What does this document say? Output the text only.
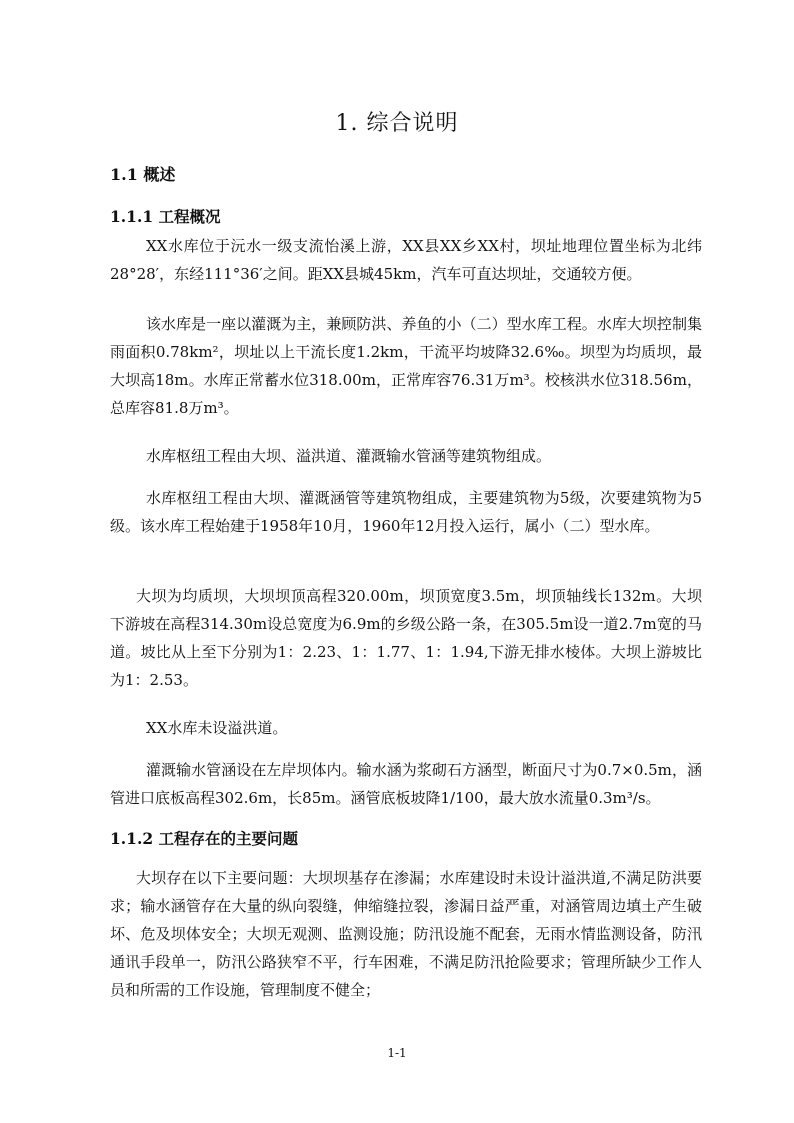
1. 综合说明
1.1 概述
1.1.1 工程概况
XX水库位于沅水一级支流怡溪上游，XX县XX乡XX村，坝址地理位置坐标为北纬28°28′，东经111°36′之间。距XX县城45km，汽车可直达坝址，交通较方便。
该水库是一座以灌溉为主，兼顾防洪、养鱼的小（二）型水库工程。水库大坝控制集雨面积0.78km²，坝址以上干流长度1.2km，干流平均坡降32.6‰。坝型为均质坝，最大坝高18m。水库正常蓄水位318.00m，正常库容76.31万m³。校核洪水位318.56m，总库容81.8万m³。
水库枢纽工程由大坝、溢洪道、灌溉输水管涵等建筑物组成。
水库枢纽工程由大坝、灌溉涵管等建筑物组成，主要建筑物为5级，次要建筑物为5级。该水库工程始建于1958年10月，1960年12月投入运行，属小（二）型水库。
大坝为均质坝，大坝坝顶高程320.00m，坝顶宽度3.5m，坝顶轴线长132m。大坝下游坡在高程314.30m设总宽度为6.9m的乡级公路一条，在305.5m设一道2.7m宽的马道。坡比从上至下分别为1：2.23、1：1.77、1：1.94,下游无排水棱体。大坝上游坡比为1：2.53。
XX水库未设溢洪道。
灌溉输水管涵设在左岸坝体内。输水涵为浆砌石方涵型，断面尺寸为0.7×0.5m，涵管进口底板高程302.6m，长85m。涵管底板坡降1/100，最大放水流量0.3m³/s。
1.1.2 工程存在的主要问题
大坝存在以下主要问题：大坝坝基存在渗漏；水库建设时未设计溢洪道,不满足防洪要求；输水涵管存在大量的纵向裂缝，伸缩缝拉裂，渗漏日益严重，对涵管周边填土产生破坏、危及坝体安全；大坝无观测、监测设施；防汛设施不配套，无雨水情监测设备，防汛通讯手段单一，防汛公路狭窄不平，行车困难，不满足防汛抢险要求；管理所缺少工作人员和所需的工作设施，管理制度不健全；
1-1
